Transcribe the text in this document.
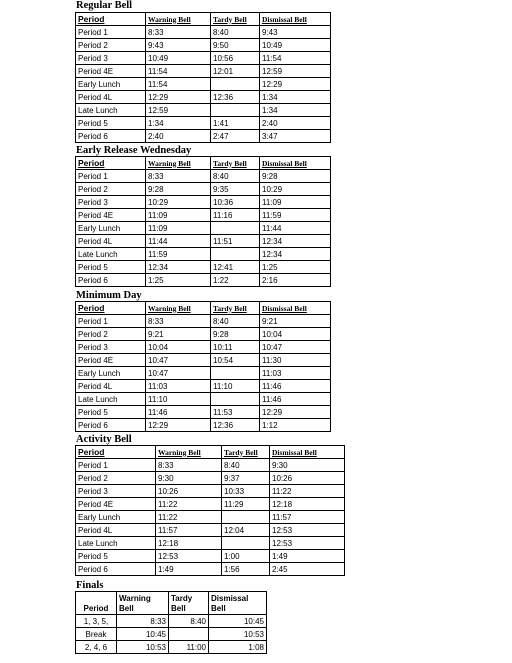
Regular Bell
Period	Warning Bell	Tardy Bell	Dismissal Bell
Period 1	8:33	8:40	9:43
Period 2	9:43	9:50	10:49
Period 3	10:49	10:56	11:54
Period 4E	11:54	12:01	12:59
Early Lunch	11:54		12:29
Period 4L	12:29	12:36	1:34
Late Lunch	12:59		1:34
Period 5	1:34	1:41	2:40
Period 6	2:40	2:47	3:47
Early Release Wednesday
Period	Warning Bell	Tardy Bell	Dismissal Bell
Period 1	8:33	8:40	9:28
Period 2	9:28	9:35	10:29
Period 3	10:29	10:36	11:09
Period 4E	11:09	11:16	11:59
Early Lunch	11:09		11:44
Period 4L	11:44	11:51	12:34
Late Lunch	11:59		12:34
Period 5	12:34	12:41	1:25
Period 6	1:25	1:22	2:16
Minimum Day
Period	Warning Bell	Tardy Bell	Dismissal Bell
Period 1	8:33	8:40	9:21
Period 2	9:21	9:28	10:04
Period 3	10:04	10:11	10:47
Period 4E	10:47	10:54	11:30
Early Lunch	10:47		11:03
Period 4L	11:03	11:10	11:46
Late Lunch	11:10		11:46
Period 5	11:46	11:53	12:29
Period 6	12:29	12:36	1:12
Activity Bell
Period	Warning Bell	Tardy Bell	Dismissal Bell
Period 1	8:33	8:40	9:30
Period 2	9:30	9:37	10:26
Period 3	10:26	10:33	11:22
Period 4E	11:22	11:29	12:18
Early Lunch	11:22		11:57
Period 4L	11:57	12:04	12:53
Late Lunch	12:18		12:53
Period 5	12:53	1:00	1:49
Period 6	1:49	1:56	2:45
Finals
Period	Warning Bell	Tardy Bell	Dismissal Bell
1, 3, 5,	8:33	8:40	10:45
Break	10:45		10:53
2, 4, 6	10:53	11:00	1:08
